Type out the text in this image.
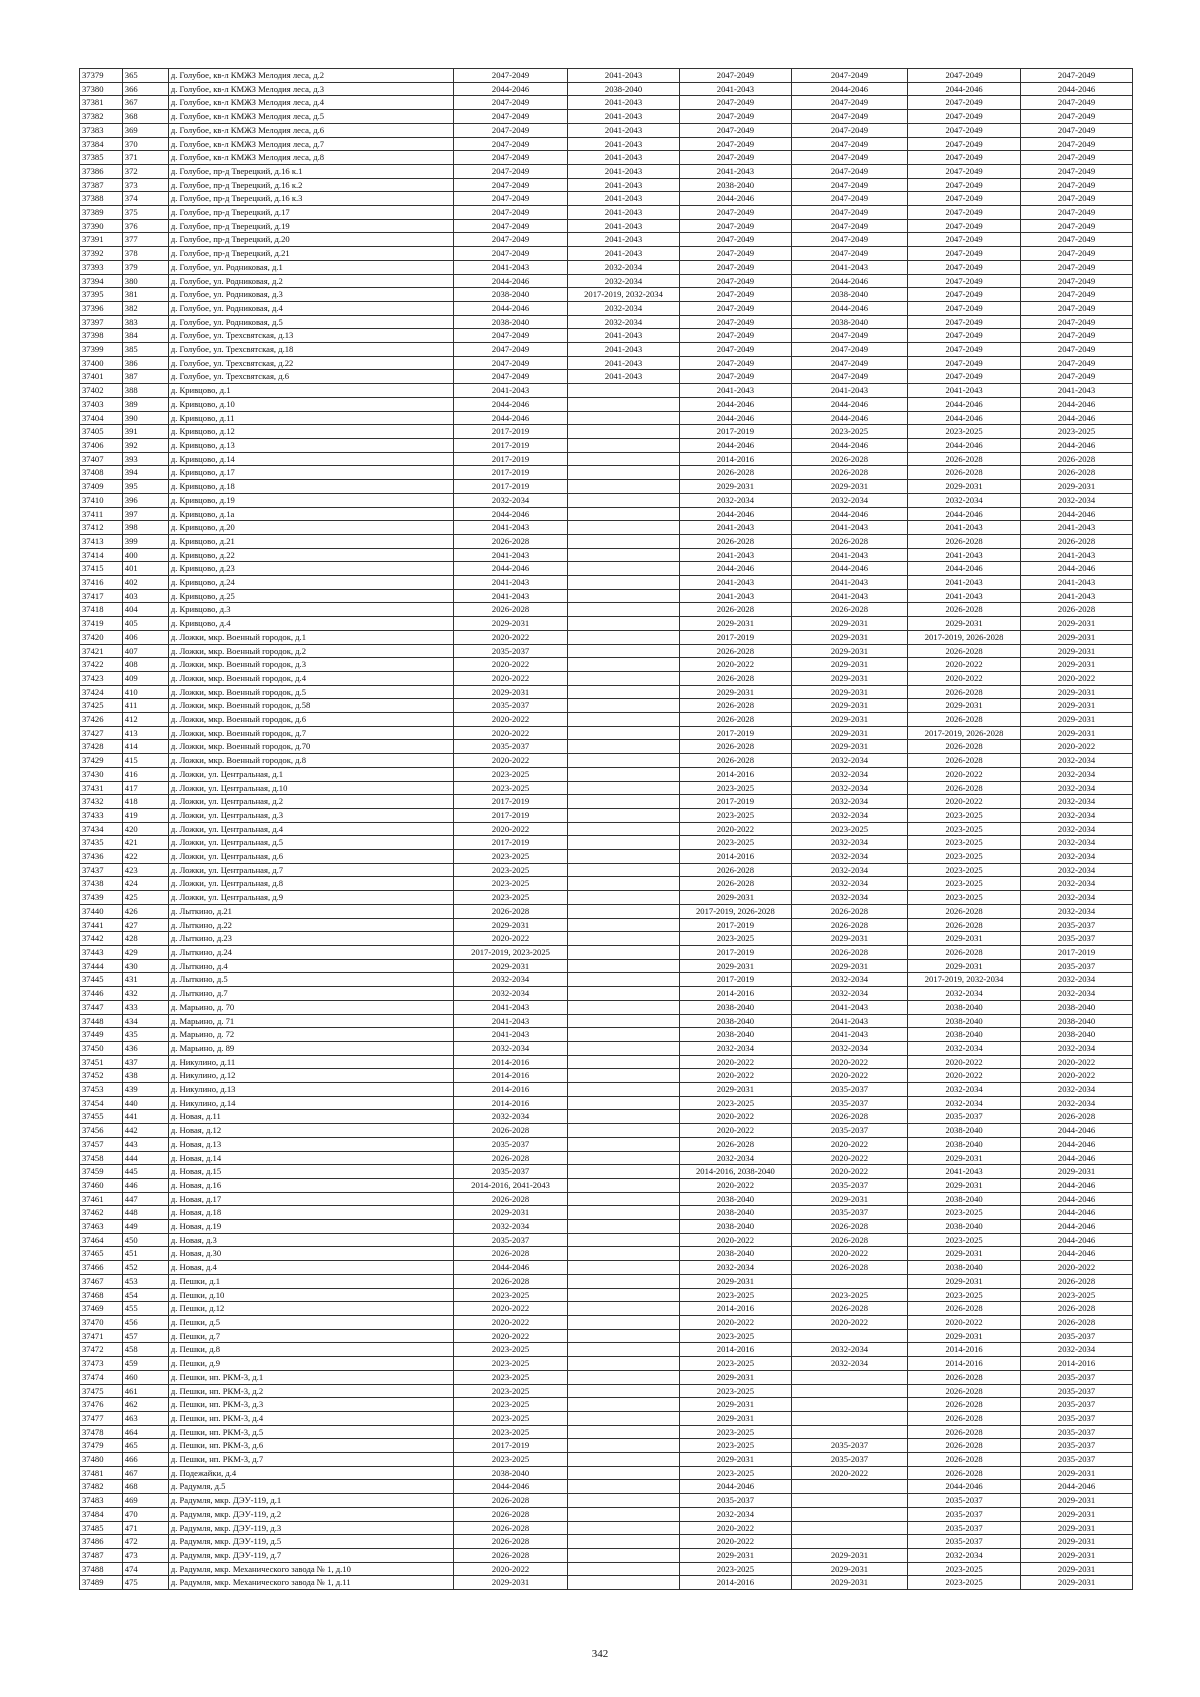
37379	365	д. Голубое, кв-л КМЖЗ Мелодия леса, д.2	2047-2049	2041-2043	2047-2049	2047-2049	2047-2049	2047-2049
37380	366	д. Голубое, кв-л КМЖЗ Мелодия леса, д.3	2044-2046	2038-2040	2041-2043	2044-2046	2044-2046	2044-2046
37381	367	д. Голубое, кв-л КМЖЗ Мелодия леса, д.4	2047-2049	2041-2043	2047-2049	2047-2049	2047-2049	2047-2049
37382	368	д. Голубое, кв-л КМЖЗ Мелодия леса, д.5	2047-2049	2041-2043	2047-2049	2047-2049	2047-2049	2047-2049
37383	369	д. Голубое, кв-л КМЖЗ Мелодия леса, д.6	2047-2049	2041-2043	2047-2049	2047-2049	2047-2049	2047-2049
37384	370	д. Голубое, кв-л КМЖЗ Мелодия леса, д.7	2047-2049	2041-2043	2047-2049	2047-2049	2047-2049	2047-2049
37385	371	д. Голубое, кв-л КМЖЗ Мелодия леса, д.8	2047-2049	2041-2043	2047-2049	2047-2049	2047-2049	2047-2049
37386	372	д. Голубое, пр-д Тверецкий, д.16 к.1	2047-2049	2041-2043	2041-2043	2047-2049	2047-2049	2047-2049
37387	373	д. Голубое, пр-д Тверецкий, д.16 к.2	2047-2049	2041-2043	2038-2040	2047-2049	2047-2049	2047-2049
37388	374	д. Голубое, пр-д Тверецкий, д.16 к.3	2047-2049	2041-2043	2044-2046	2047-2049	2047-2049	2047-2049
37389	375	д. Голубое, пр-д Тверецкий, д.17	2047-2049	2041-2043	2047-2049	2047-2049	2047-2049	2047-2049
37390	376	д. Голубое, пр-д Тверецкий, д.19	2047-2049	2041-2043	2047-2049	2047-2049	2047-2049	2047-2049
37391	377	д. Голубое, пр-д Тверецкий, д.20	2047-2049	2041-2043	2047-2049	2047-2049	2047-2049	2047-2049
37392	378	д. Голубое, пр-д Тверецкий, д.21	2047-2049	2041-2043	2047-2049	2047-2049	2047-2049	2047-2049
37393	379	д. Голубое, ул. Родниковая, д.1	2041-2043	2032-2034	2047-2049	2041-2043	2047-2049	2047-2049
37394	380	д. Голубое, ул. Родниковая, д.2	2044-2046	2032-2034	2047-2049	2044-2046	2047-2049	2047-2049
37395	381	д. Голубое, ул. Родниковая, д.3	2038-2040	2017-2019, 2032-2034	2047-2049	2038-2040	2047-2049	2047-2049
37396	382	д. Голубое, ул. Родниковая, д.4	2044-2046	2032-2034	2047-2049	2044-2046	2047-2049	2047-2049
37397	383	д. Голубое, ул. Родниковая, д.5	2038-2040	2032-2034	2047-2049	2038-2040	2047-2049	2047-2049
37398	384	д. Голубое, ул. Трехсвятская, д.13	2047-2049	2041-2043	2047-2049	2047-2049	2047-2049	2047-2049
37399	385	д. Голубое, ул. Трехсвятская, д.18	2047-2049	2041-2043	2047-2049	2047-2049	2047-2049	2047-2049
37400	386	д. Голубое, ул. Трехсвятская, д.22	2047-2049	2041-2043	2047-2049	2047-2049	2047-2049	2047-2049
37401	387	д. Голубое, ул. Трехсвятская, д.6	2047-2049	2041-2043	2047-2049	2047-2049	2047-2049	2047-2049
37402	388	д. Кривцово, д.1	2041-2043		2041-2043	2041-2043	2041-2043	2041-2043
37403	389	д. Кривцово, д.10	2044-2046		2044-2046	2044-2046	2044-2046	2044-2046
37404	390	д. Кривцово, д.11	2044-2046		2044-2046	2044-2046	2044-2046	2044-2046
37405	391	д. Кривцово, д.12	2017-2019		2017-2019	2023-2025	2023-2025	2023-2025
37406	392	д. Кривцово, д.13	2017-2019		2044-2046	2044-2046	2044-2046	2044-2046
37407	393	д. Кривцово, д.14	2017-2019		2014-2016	2026-2028	2026-2028	2026-2028
37408	394	д. Кривцово, д.17	2017-2019		2026-2028	2026-2028	2026-2028	2026-2028
37409	395	д. Кривцово, д.18	2017-2019		2029-2031	2029-2031	2029-2031	2029-2031
37410	396	д. Кривцово, д.19	2032-2034		2032-2034	2032-2034	2032-2034	2032-2034
37411	397	д. Кривцово, д.1а	2044-2046		2044-2046	2044-2046	2044-2046	2044-2046
37412	398	д. Кривцово, д.20	2041-2043		2041-2043	2041-2043	2041-2043	2041-2043
37413	399	д. Кривцово, д.21	2026-2028		2026-2028	2026-2028	2026-2028	2026-2028
37414	400	д. Кривцово, д.22	2041-2043		2041-2043	2041-2043	2041-2043	2041-2043
37415	401	д. Кривцово, д.23	2044-2046		2044-2046	2044-2046	2044-2046	2044-2046
37416	402	д. Кривцово, д.24	2041-2043		2041-2043	2041-2043	2041-2043	2041-2043
37417	403	д. Кривцово, д.25	2041-2043		2041-2043	2041-2043	2041-2043	2041-2043
37418	404	д. Кривцово, д.3	2026-2028		2026-2028	2026-2028	2026-2028	2026-2028
37419	405	д. Кривцово, д.4	2029-2031		2029-2031	2029-2031	2029-2031	2029-2031
37420	406	д. Ложки, мкр. Военный городок, д.1	2020-2022		2017-2019	2029-2031	2017-2019, 2026-2028	2029-2031
37421	407	д. Ложки, мкр. Военный городок, д.2	2035-2037		2026-2028	2029-2031	2026-2028	2029-2031
37422	408	д. Ложки, мкр. Военный городок, д.3	2020-2022		2020-2022	2029-2031	2020-2022	2029-2031
37423	409	д. Ложки, мкр. Военный городок, д.4	2020-2022		2026-2028	2029-2031	2020-2022	2020-2022
37424	410	д. Ложки, мкр. Военный городок, д.5	2029-2031		2029-2031	2029-2031	2026-2028	2029-2031
37425	411	д. Ложки, мкр. Военный городок, д.58	2035-2037		2026-2028	2029-2031	2029-2031	2029-2031
37426	412	д. Ложки, мкр. Военный городок, д.6	2020-2022		2026-2028	2029-2031	2026-2028	2029-2031
37427	413	д. Ложки, мкр. Военный городок, д.7	2020-2022		2017-2019	2029-2031	2017-2019, 2026-2028	2029-2031
37428	414	д. Ложки, мкр. Военный городок, д.70	2035-2037		2026-2028	2029-2031	2026-2028	2020-2022
37429	415	д. Ложки, мкр. Военный городок, д.8	2020-2022		2026-2028	2032-2034	2026-2028	2032-2034
37430	416	д. Ложки, ул. Центральная, д.1	2023-2025		2014-2016	2032-2034	2020-2022	2032-2034
37431	417	д. Ложки, ул. Центральная, д.10	2023-2025		2023-2025	2032-2034	2026-2028	2032-2034
37432	418	д. Ложки, ул. Центральная, д.2	2017-2019		2017-2019	2032-2034	2020-2022	2032-2034
37433	419	д. Ложки, ул. Центральная, д.3	2017-2019		2023-2025	2032-2034	2023-2025	2032-2034
37434	420	д. Ложки, ул. Центральная, д.4	2020-2022		2020-2022	2023-2025	2023-2025	2032-2034
37435	421	д. Ложки, ул. Центральная, д.5	2017-2019		2023-2025	2032-2034	2023-2025	2032-2034
37436	422	д. Ложки, ул. Центральная, д.6	2023-2025		2014-2016	2032-2034	2023-2025	2032-2034
37437	423	д. Ложки, ул. Центральная, д.7	2023-2025		2026-2028	2032-2034	2023-2025	2032-2034
37438	424	д. Ложки, ул. Центральная, д.8	2023-2025		2026-2028	2032-2034	2023-2025	2032-2034
37439	425	д. Ложки, ул. Центральная, д.9	2023-2025		2029-2031	2032-2034	2023-2025	2032-2034
37440	426	д. Лыткино, д.21	2026-2028		2017-2019, 2026-2028	2026-2028	2026-2028	2032-2034
37441	427	д. Лыткино, д.22	2029-2031		2017-2019	2026-2028	2026-2028	2035-2037
37442	428	д. Лыткино, д.23	2020-2022		2023-2025	2029-2031	2029-2031	2035-2037
37443	429	д. Лыткино, д.24	2017-2019, 2023-2025		2017-2019	2026-2028	2026-2028	2017-2019
37444	430	д. Лыткино, д.4	2029-2031		2029-2031	2029-2031	2029-2031	2035-2037
37445	431	д. Лыткино, д.5	2032-2034		2017-2019	2032-2034	2017-2019, 2032-2034	2032-2034
37446	432	д. Лыткино, д.7	2032-2034		2014-2016	2032-2034	2032-2034	2032-2034
37447	433	д. Марьино, д. 70	2041-2043		2038-2040	2041-2043	2038-2040	2038-2040
37448	434	д. Марьино, д. 71	2041-2043		2038-2040	2041-2043	2038-2040	2038-2040
37449	435	д. Марьино, д. 72	2041-2043		2038-2040	2041-2043	2038-2040	2038-2040
37450	436	д. Марьино, д. 89	2032-2034		2032-2034	2032-2034	2032-2034	2032-2034
37451	437	д. Никулино, д.11	2014-2016		2020-2022	2020-2022	2020-2022	2020-2022
37452	438	д. Никулино, д.12	2014-2016		2020-2022	2020-2022	2020-2022	2020-2022
37453	439	д. Никулино, д.13	2014-2016		2029-2031	2035-2037	2032-2034	2032-2034
37454	440	д. Никулино, д.14	2014-2016		2023-2025	2035-2037	2032-2034	2032-2034
37455	441	д. Новая, д.11	2032-2034		2020-2022	2026-2028	2035-2037	2026-2028
37456	442	д. Новая, д.12	2026-2028		2020-2022	2035-2037	2038-2040	2044-2046
37457	443	д. Новая, д.13	2035-2037		2026-2028	2020-2022	2038-2040	2044-2046
37458	444	д. Новая, д.14	2026-2028		2032-2034	2020-2022	2029-2031	2044-2046
37459	445	д. Новая, д.15	2035-2037		2014-2016, 2038-2040	2020-2022	2041-2043	2029-2031
37460	446	д. Новая, д.16	2014-2016, 2041-2043		2020-2022	2035-2037	2029-2031	2044-2046
37461	447	д. Новая, д.17	2026-2028		2038-2040	2029-2031	2038-2040	2044-2046
37462	448	д. Новая, д.18	2029-2031		2038-2040	2035-2037	2023-2025	2044-2046
37463	449	д. Новая, д.19	2032-2034		2038-2040	2026-2028	2038-2040	2044-2046
37464	450	д. Новая, д.3	2035-2037		2020-2022	2026-2028	2023-2025	2044-2046
37465	451	д. Новая, д.30	2026-2028		2038-2040	2020-2022	2029-2031	2044-2046
37466	452	д. Новая, д.4	2044-2046		2032-2034	2026-2028	2038-2040	2020-2022
37467	453	д. Пешки, д.1	2026-2028		2029-2031		2029-2031	2026-2028
37468	454	д. Пешки, д.10	2023-2025		2023-2025	2023-2025	2023-2025	2023-2025
37469	455	д. Пешки, д.12	2020-2022		2014-2016	2026-2028	2026-2028	2026-2028
37470	456	д. Пешки, д.5	2020-2022		2020-2022	2020-2022	2020-2022	2026-2028
37471	457	д. Пешки, д.7	2020-2022		2023-2025		2029-2031	2035-2037
37472	458	д. Пешки, д.8	2023-2025		2014-2016	2032-2034	2014-2016	2032-2034
37473	459	д. Пешки, д.9	2023-2025		2023-2025	2032-2034	2014-2016	2014-2016
37474	460	д. Пешки, нп. РКМ-3, д.1	2023-2025		2029-2031		2026-2028	2035-2037
37475	461	д. Пешки, нп. РКМ-3, д.2	2023-2025		2023-2025		2026-2028	2035-2037
37476	462	д. Пешки, нп. РКМ-3, д.3	2023-2025		2029-2031		2026-2028	2035-2037
37477	463	д. Пешки, нп. РКМ-3, д.4	2023-2025		2029-2031		2026-2028	2035-2037
37478	464	д. Пешки, нп. РКМ-3, д.5	2023-2025		2023-2025		2026-2028	2035-2037
37479	465	д. Пешки, нп. РКМ-3, д.6	2017-2019		2023-2025	2035-2037	2026-2028	2035-2037
37480	466	д. Пешки, нп. РКМ-3, д.7	2023-2025		2029-2031	2035-2037	2026-2028	2035-2037
37481	467	д. Подежайки, д.4	2038-2040		2023-2025	2020-2022	2026-2028	2029-2031
37482	468	д. Радумля, д.5	2044-2046		2044-2046		2044-2046	2044-2046
37483	469	д. Радумля, мкр. ДЭУ-119, д.1	2026-2028		2035-2037		2035-2037	2029-2031
37484	470	д. Радумля, мкр. ДЭУ-119, д.2	2026-2028		2032-2034		2035-2037	2029-2031
37485	471	д. Радумля, мкр. ДЭУ-119, д.3	2026-2028		2020-2022		2035-2037	2029-2031
37486	472	д. Радумля, мкр. ДЭУ-119, д.5	2026-2028		2020-2022		2035-2037	2029-2031
37487	473	д. Радумля, мкр. ДЭУ-119, д.7	2026-2028		2029-2031	2029-2031	2032-2034	2029-2031
37488	474	д. Радумля, мкр. Механического завода № 1, д.10	2020-2022		2023-2025	2029-2031	2023-2025	2029-2031
37489	475	д. Радумля, мкр. Механического завода № 1, д.11	2029-2031		2014-2016	2029-2031	2023-2025	2029-2031
342
